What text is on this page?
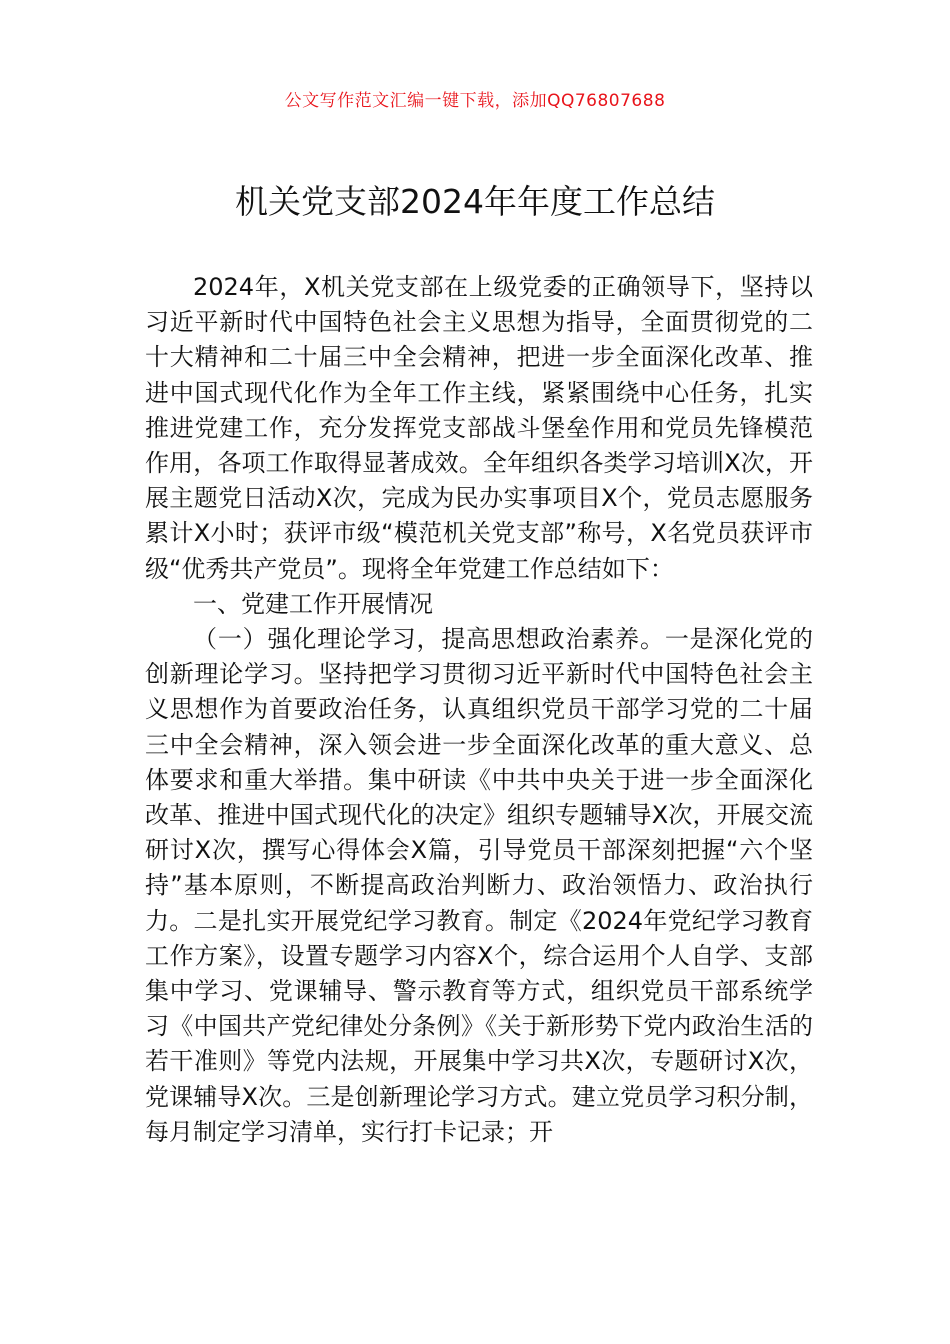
公文写作范文汇编一键下载，添加QQ76807688
机关党支部2024年年度工作总结

2024年，X机关党支部在上级党委的正确领导下，坚持以习近平新时代中国特色社会主义思想为指导，全面贯彻党的二十大精神和二十届三中全会精神，把进一步全面深化改革、推进中国式现代化作为全年工作主线，紧紧围绕中心任务，扎实推进党建工作，充分发挥党支部战斗堡垒作用和党员先锋模范作用，各项工作取得显著成效。全年组织各类学习培训X次，开展主题党日活动X次，完成为民办实事项目X个，党员志愿服务累计X小时；获评市级“模范机关党支部”称号，X名党员获评市级“优秀共产党员”。现将全年党建工作总结如下：

一、党建工作开展情况

（一）强化理论学习，提高思想政治素养。一是深化党的创新理论学习。坚持把学习贯彻习近平新时代中国特色社会主义思想作为首要政治任务，认真组织党员干部学习党的二十届三中全会精神，深入领会进一步全面深化改革的重大意义、总体要求和重大举措。集中研读《中共中央关于进一步全面深化改革、推进中国式现代化的决定》组织专题辅导X次，开展交流研讨X次，撰写心得体会X篇，引导党员干部深刻把握“六个坚持”基本原则，不断提高政治判断力、政治领悟力、政治执行力。二是扎实开展党纪学习教育。制定《2024年党纪学习教育工作方案》，设置专题学习内容X个，综合运用个人自学、支部集中学习、党课辅导、警示教育等方式，组织党员干部系统学习《中国共产党纪律处分条例》《关于新形势下党内政治生活的若干准则》等党内法规，开展集中学习共X次，专题研讨X次，党课辅导X次。三是创新理论学习方式。建立党员学习积分制，每月制定学习清单，实行打卡记录；开
